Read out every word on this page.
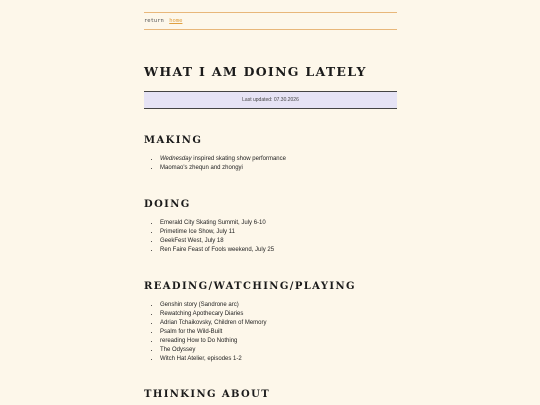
return home
WHAT I AM DOING LATELY
Last updated: 07.30.2026
MAKING
• Wednesday inspired skating show performance
• Maomao's zhequn and zhongyi
DOING
• Emerald City Skating Summit, July 6-10
• Primetime Ice Show, July 11
• GeekFest West, July 18
• Ren Faire Feast of Fools weekend, July 25
READING/WATCHING/PLAYING
• Genshin story (Sandrone arc)
• Rewatching Apothecary Diaries
• Adrian Tchaikovsky, Children of Memory
• Psalm for the Wild-Built
• rereading How to Do Nothing
• The Odyssey
• Witch Hat Atelier, episodes 1-2
THINKING ABOUT
